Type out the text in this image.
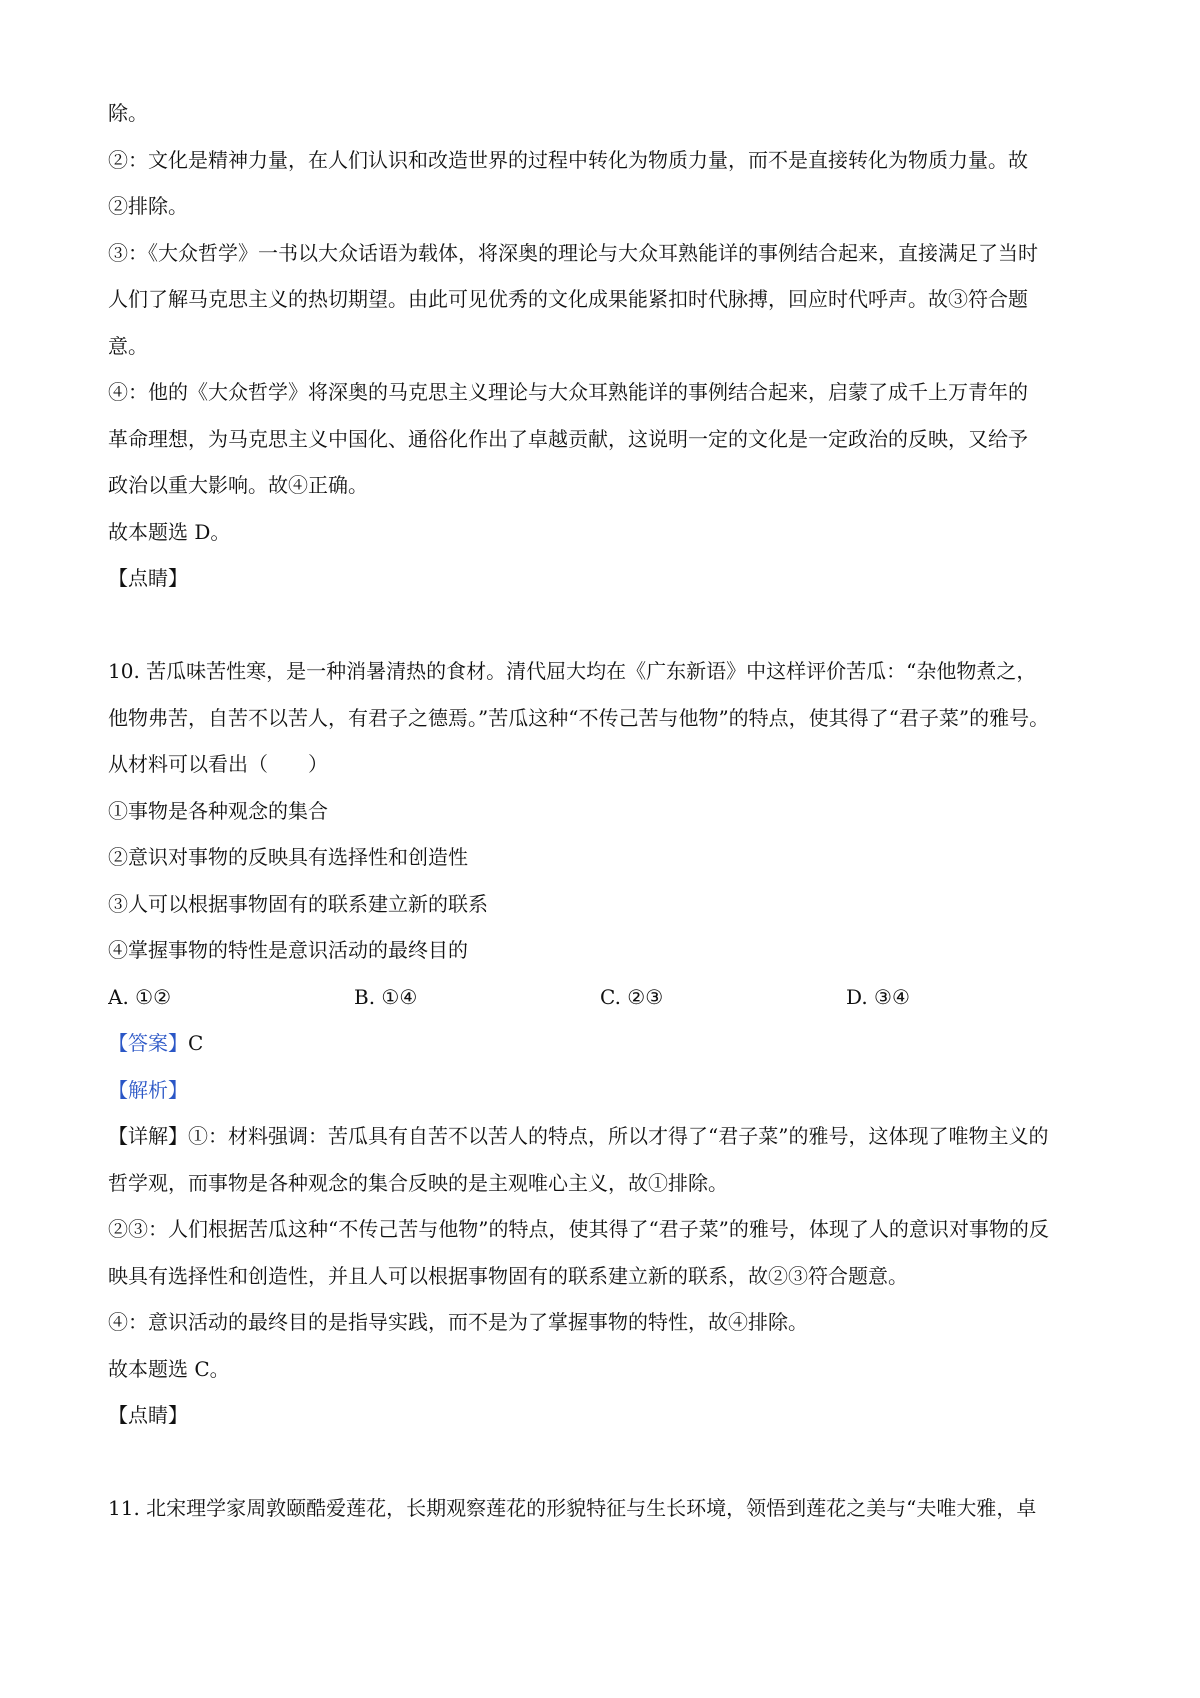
除。
②：文化是精神力量，在人们认识和改造世界的过程中转化为物质力量，而不是直接转化为物质力量。故
②排除。
③：《大众哲学》一书以大众话语为载体，将深奥的理论与大众耳熟能详的事例结合起来，直接满足了当时
人们了解马克思主义的热切期望。由此可见优秀的文化成果能紧扣时代脉搏，回应时代呼声。故③符合题
意。
④：他的《大众哲学》将深奥的马克思主义理论与大众耳熟能详的事例结合起来，启蒙了成千上万青年的
革命理想，为马克思主义中国化、通俗化作出了卓越贡献，这说明一定的文化是一定政治的反映，又给予
政治以重大影响。故④正确。
故本题选 D。
【点睛】
10. 苦瓜味苦性寒，是一种消暑清热的食材。清代屈大均在《广东新语》中这样评价苦瓜：“杂他物煮之，
他物弗苦，自苦不以苦人，有君子之德焉。”苦瓜这种“不传己苦与他物”的特点，使其得了“君子菜”的雅号。
从材料可以看出（　　）
①事物是各种观念的集合
②意识对事物的反映具有选择性和创造性
③人可以根据事物固有的联系建立新的联系
④掌握事物的特性是意识活动的最终目的
A. ①②	B. ①④	C. ②③	D. ③④
【答案】C
【解析】
【详解】①：材料强调：苦瓜具有自苦不以苦人的特点，所以才得了“君子菜”的雅号，这体现了唯物主义的
哲学观，而事物是各种观念的集合反映的是主观唯心主义，故①排除。
②③：人们根据苦瓜这种“不传己苦与他物”的特点，使其得了“君子菜”的雅号，体现了人的意识对事物的反
映具有选择性和创造性，并且人可以根据事物固有的联系建立新的联系，故②③符合题意。
④：意识活动的最终目的是指导实践，而不是为了掌握事物的特性，故④排除。
故本题选 C。
【点睛】
11. 北宋理学家周敦颐酷爱莲花，长期观察莲花的形貌特征与生长环境，领悟到莲花之美与“夫唯大雅，卓
